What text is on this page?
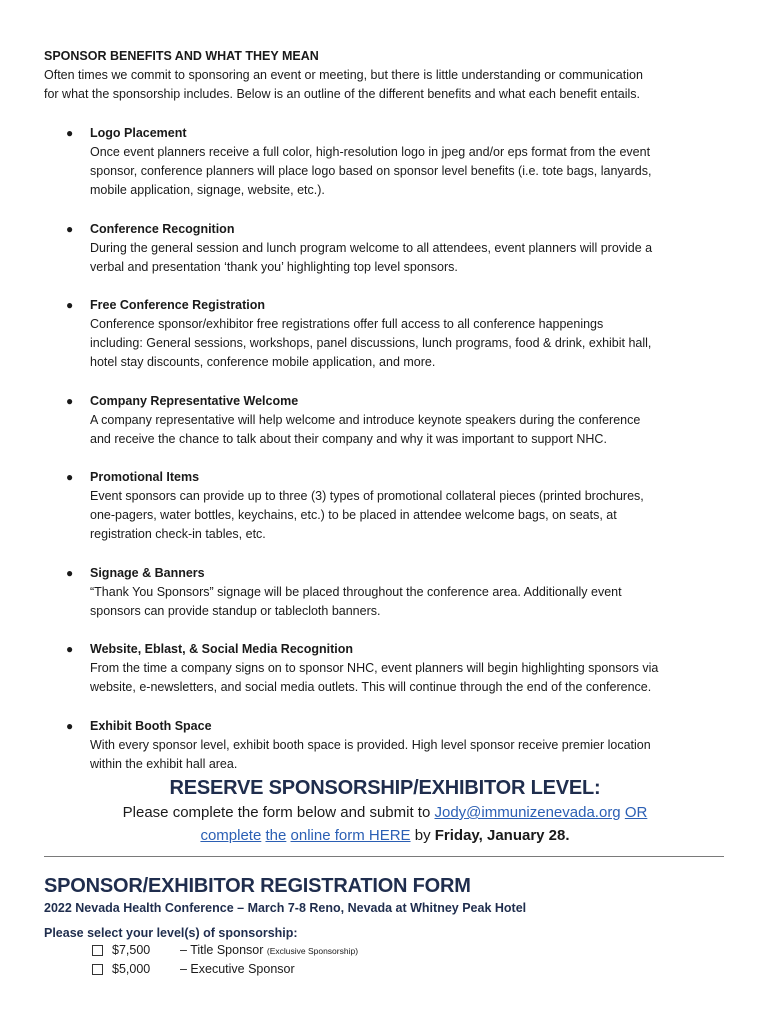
SPONSOR BENEFITS AND WHAT THEY MEAN
Often times we commit to sponsoring an event or meeting, but there is little understanding or communication
for what the sponsorship includes. Below is an outline of the different benefits and what each benefit entails.
●	Logo Placement
Once event planners receive a full color, high-resolution logo in jpeg and/or eps format from the event
sponsor, conference planners will place logo based on sponsor level benefits (i.e. tote bags, lanyards,
mobile application, signage, website, etc.).
●	Conference Recognition
During the general session and lunch program welcome to all attendees, event planners will provide a
verbal and presentation ‘thank you’ highlighting top level sponsors.
●	Free Conference Registration
Conference sponsor/exhibitor free registrations offer full access to all conference happenings
including: General sessions, workshops, panel discussions, lunch programs, food & drink, exhibit hall,
hotel stay discounts, conference mobile application, and more.
●	Company Representative Welcome
A company representative will help welcome and introduce keynote speakers during the conference
and receive the chance to talk about their company and why it was important to support NHC.
●	Promotional Items
Event sponsors can provide up to three (3) types of promotional collateral pieces (printed brochures,
one-pagers, water bottles, keychains, etc.) to be placed in attendee welcome bags, on seats, at
registration check-in tables, etc.
●	Signage & Banners
“Thank You Sponsors” signage will be placed throughout the conference area. Additionally event
sponsors can provide standup or tablecloth banners.
●	Website, Eblast, & Social Media Recognition
From the time a company signs on to sponsor NHC, event planners will begin highlighting sponsors via
website, e-newsletters, and social media outlets. This will continue through the end of the conference.
●	Exhibit Booth Space
With every sponsor level, exhibit booth space is provided. High level sponsor receive premier location
within the exhibit hall area.
RESERVE SPONSORSHIP/EXHIBITOR LEVEL:
Please complete the form below and submit to Jody@immunizenevada.org OR
complete the online form HERE by Friday, January 28.
SPONSOR/EXHIBITOR REGISTRATION FORM
2022 Nevada Health Conference – March 7-8 Reno, Nevada at Whitney Peak Hotel
Please select your level(s) of sponsorship:
$7,500 – Title Sponsor (Exclusive Sponsorship)
$5,000 – Executive Sponsor
